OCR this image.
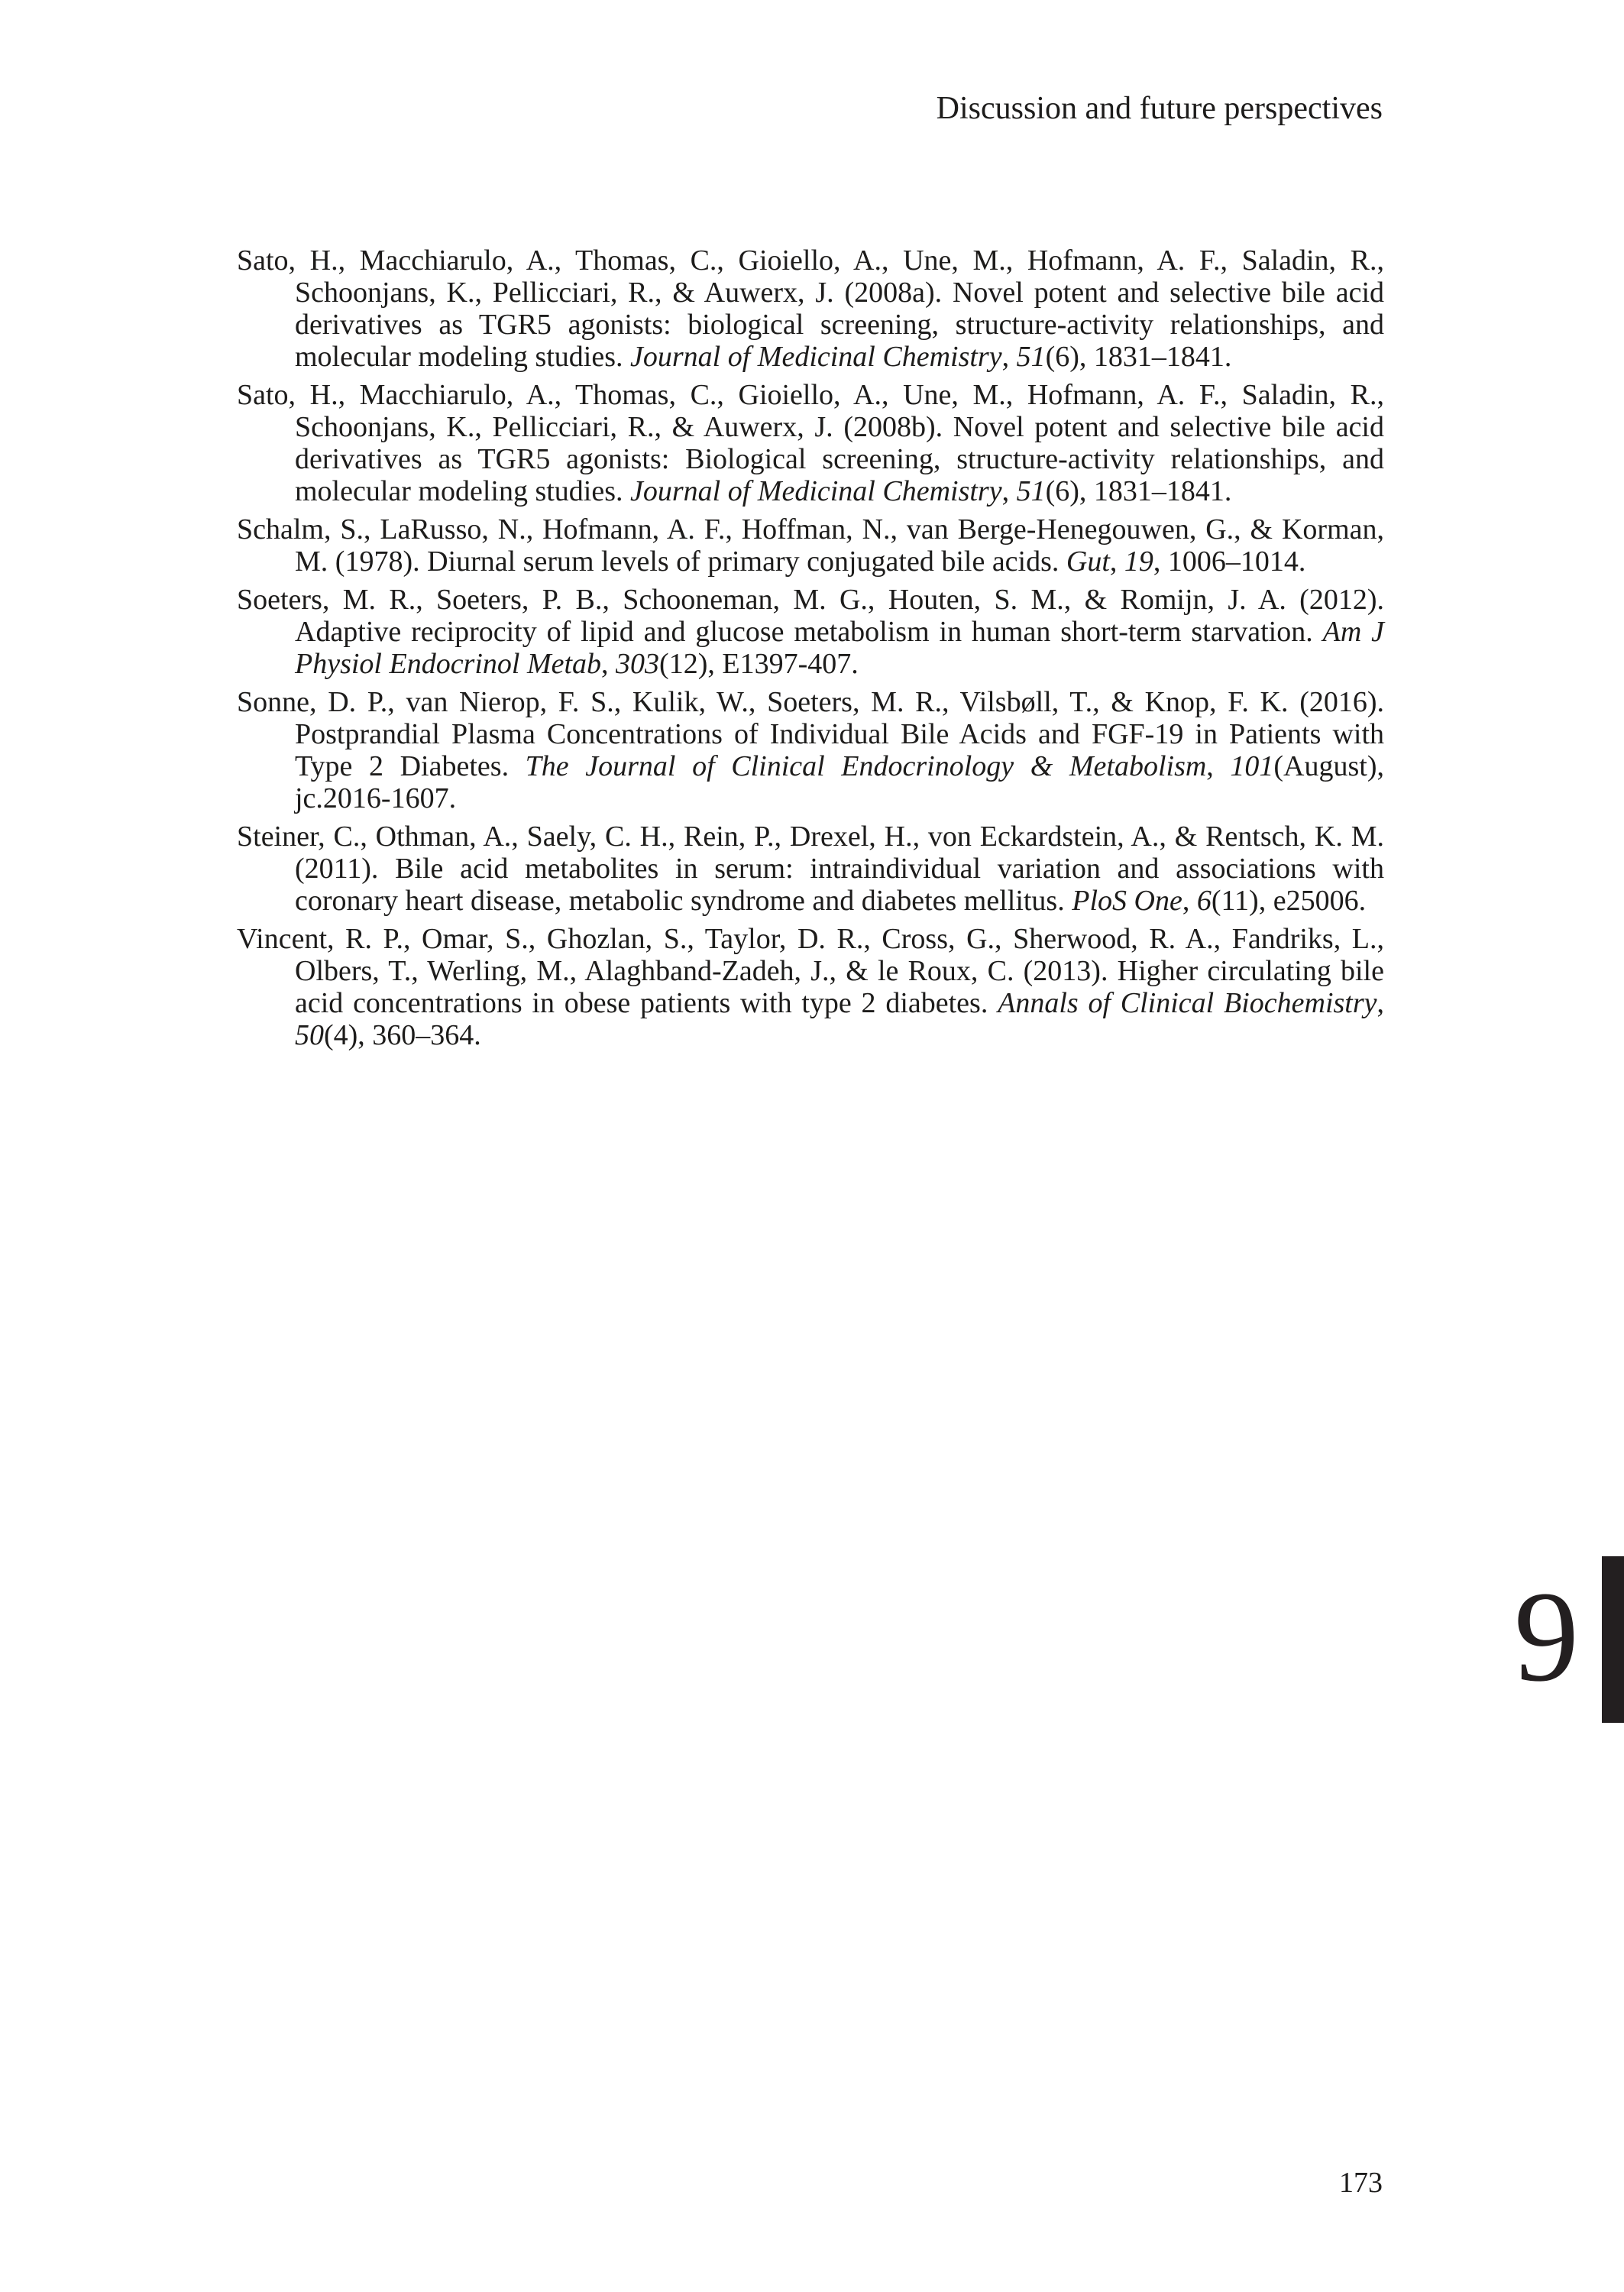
Discussion and future perspectives

Sato, H., Macchiarulo, A., Thomas, C., Gioiello, A., Une, M., Hofmann, A. F., Saladin, R., Schoonjans, K., Pellicciari, R., & Auwerx, J. (2008a). Novel potent and selective bile acid derivatives as TGR5 agonists: biological screening, structure-activity relationships, and molecular modeling studies. Journal of Medicinal Chemistry, 51(6), 1831–1841.

Sato, H., Macchiarulo, A., Thomas, C., Gioiello, A., Une, M., Hofmann, A. F., Saladin, R., Schoonjans, K., Pellicciari, R., & Auwerx, J. (2008b). Novel potent and selective bile acid derivatives as TGR5 agonists: Biological screening, structure-activity relationships, and molecular modeling studies. Journal of Medicinal Chemistry, 51(6), 1831–1841.

Schalm, S., LaRusso, N., Hofmann, A. F., Hoffman, N., van Berge-Henegouwen, G., & Korman, M. (1978). Diurnal serum levels of primary conjugated bile acids. Gut, 19, 1006–1014.

Soeters, M. R., Soeters, P. B., Schooneman, M. G., Houten, S. M., & Romijn, J. A. (2012). Adaptive reciprocity of lipid and glucose metabolism in human short-term starvation. Am J Physiol Endocrinol Metab, 303(12), E1397-407.

Sonne, D. P., van Nierop, F. S., Kulik, W., Soeters, M. R., Vilsbøll, T., & Knop, F. K. (2016). Postprandial Plasma Concentrations of Individual Bile Acids and FGF-19 in Patients with Type 2 Diabetes. The Journal of Clinical Endocrinology & Metabolism, 101(August), jc.2016-1607.

Steiner, C., Othman, A., Saely, C. H., Rein, P., Drexel, H., von Eckardstein, A., & Rentsch, K. M. (2011). Bile acid metabolites in serum: intraindividual variation and associations with coronary heart disease, metabolic syndrome and diabetes mellitus. PloS One, 6(11), e25006.

Vincent, R. P., Omar, S., Ghozlan, S., Taylor, D. R., Cross, G., Sherwood, R. A., Fandriks, L., Olbers, T., Werling, M., Alaghband-Zadeh, J., & le Roux, C. (2013). Higher circulating bile acid concentrations in obese patients with type 2 diabetes. Annals of Clinical Biochemistry, 50(4), 360–364.

9
173
